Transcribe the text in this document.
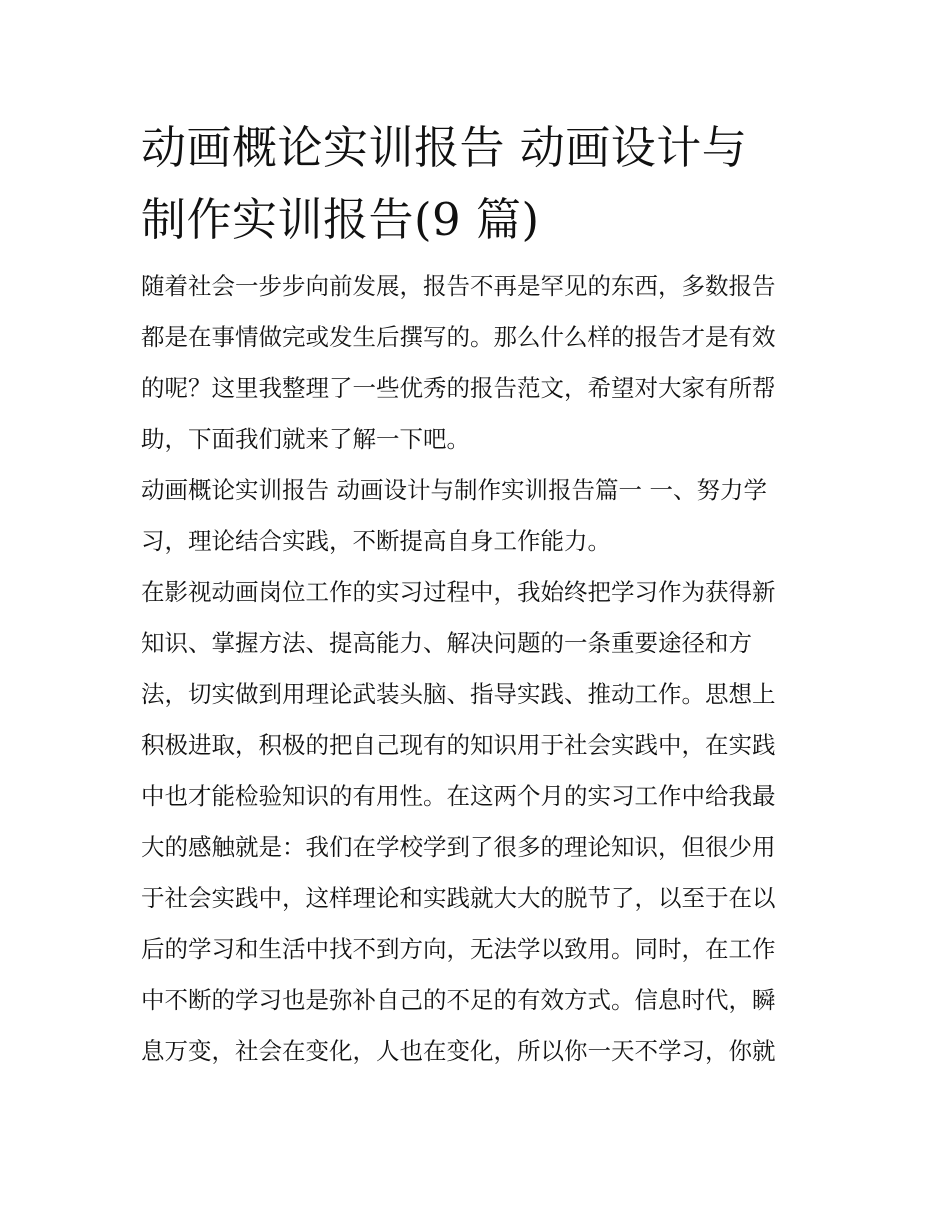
动画概论实训报告 动画设计与
制作实训报告(9 篇)

随着社会一步步向前发展，报告不再是罕见的东西，多数报告
都是在事情做完或发生后撰写的。那么什么样的报告才是有效
的呢？这里我整理了一些优秀的报告范文，希望对大家有所帮
助，下面我们就来了解一下吧。

动画概论实训报告 动画设计与制作实训报告篇一 一、努力学
习，理论结合实践，不断提高自身工作能力。

在影视动画岗位工作的实习过程中，我始终把学习作为获得新
知识、掌握方法、提高能力、解决问题的一条重要途径和方
法，切实做到用理论武装头脑、指导实践、推动工作。思想上
积极进取，积极的把自己现有的知识用于社会实践中，在实践
中也才能检验知识的有用性。在这两个月的实习工作中给我最
大的感触就是：我们在学校学到了很多的理论知识，但很少用
于社会实践中，这样理论和实践就大大的脱节了，以至于在以
后的学习和生活中找不到方向，无法学以致用。同时，在工作
中不断的学习也是弥补自己的不足的有效方式。信息时代，瞬
息万变，社会在变化，人也在变化，所以你一天不学习，你就
